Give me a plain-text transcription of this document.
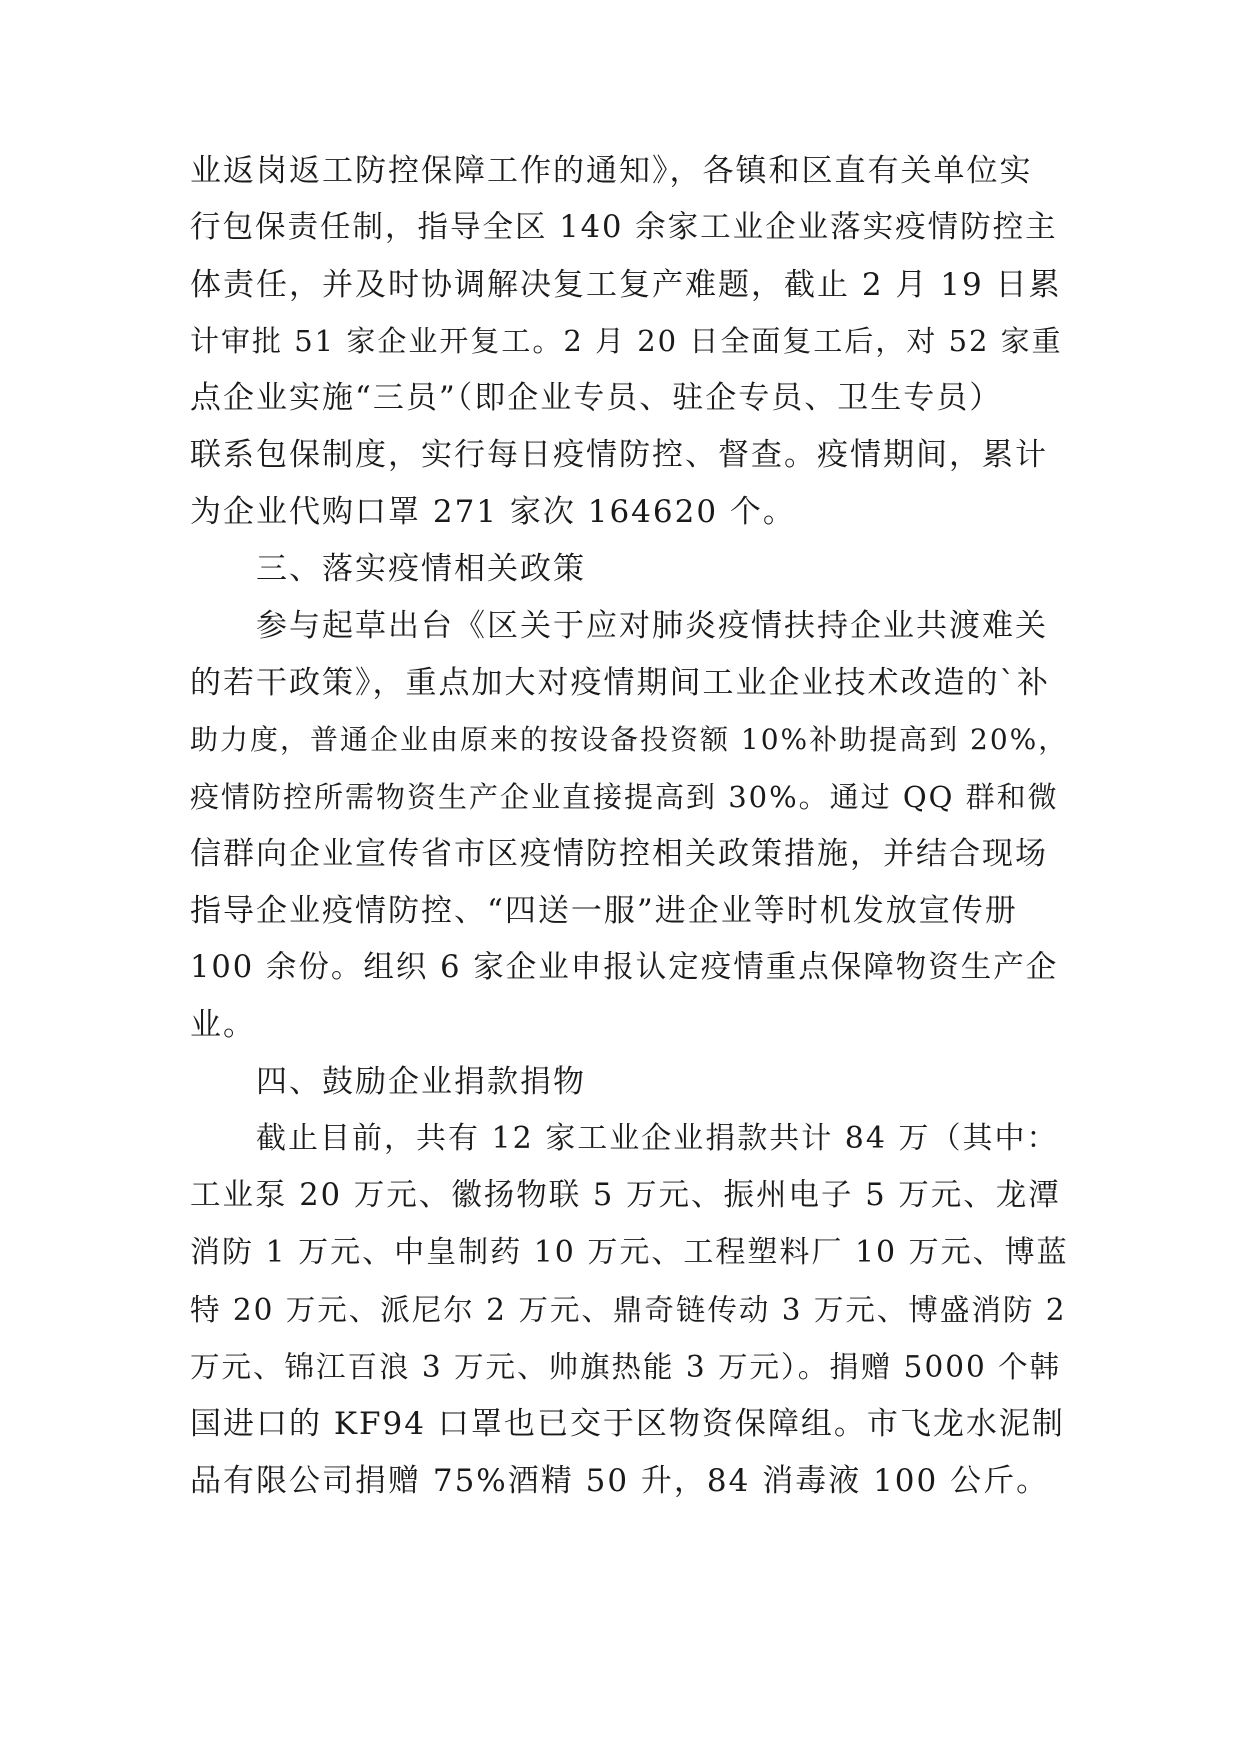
业返岗返工防控保障工作的通知》，各镇和区直有关单位实
行包保责任制，指导全区 140 余家工业企业落实疫情防控主
体责任，并及时协调解决复工复产难题，截止 2 月 19 日累
计审批 51 家企业开复工。2 月 20 日全面复工后，对 52 家重
点企业实施“三员”（即企业专员、驻企专员、卫生专员）
联系包保制度，实行每日疫情防控、督查。疫情期间，累计
为企业代购口罩 271 家次 164620 个。
三、落实疫情相关政策
参与起草出台《区关于应对肺炎疫情扶持企业共渡难关
的若干政策》，重点加大对疫情期间工业企业技术改造的`补
助力度，普通企业由原来的按设备投资额 10%补助提高到 20%，
疫情防控所需物资生产企业直接提高到 30%。通过 QQ 群和微
信群向企业宣传省市区疫情防控相关政策措施，并结合现场
指导企业疫情防控、“四送一服”进企业等时机发放宣传册
100 余份。组织 6 家企业申报认定疫情重点保障物资生产企
业。
四、鼓励企业捐款捐物
截止目前，共有 12 家工业企业捐款共计 84 万（其中：
工业泵 20 万元、徽扬物联 5 万元、振州电子 5 万元、龙潭
消防 1 万元、中皇制药 10 万元、工程塑料厂 10 万元、博蓝
特 20 万元、派尼尔 2 万元、鼎奇链传动 3 万元、博盛消防 2
万元、锦江百浪 3 万元、帅旗热能 3 万元）。捐赠 5000 个韩
国进口的 KF94 口罩也已交于区物资保障组。市飞龙水泥制
品有限公司捐赠 75%酒精 50 升，84 消毒液 100 公斤。
